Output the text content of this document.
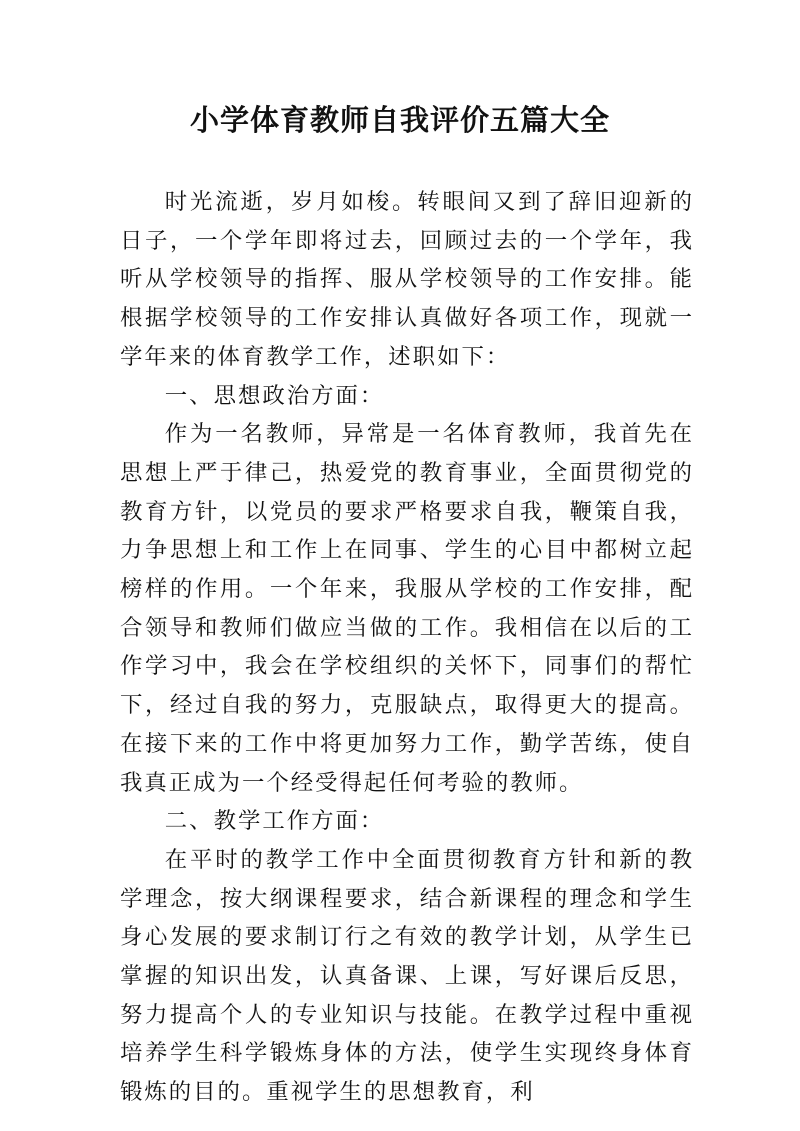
小学体育教师自我评价五篇大全

时光流逝，岁月如梭。转眼间又到了辞旧迎新的日子，一个学年即将过去，回顾过去的一个学年，我听从学校领导的指挥、服从学校领导的工作安排。能根据学校领导的工作安排认真做好各项工作，现就一学年来的体育教学工作，述职如下：

一、思想政治方面：

作为一名教师，异常是一名体育教师，我首先在思想上严于律己，热爱党的教育事业，全面贯彻党的教育方针，以党员的要求严格要求自我，鞭策自我，力争思想上和工作上在同事、学生的心目中都树立起榜样的作用。一个年来，我服从学校的工作安排，配合领导和教师们做应当做的工作。我相信在以后的工作学习中，我会在学校组织的关怀下，同事们的帮忙下，经过自我的努力，克服缺点，取得更大的提高。在接下来的工作中将更加努力工作，勤学苦练，使自我真正成为一个经受得起任何考验的教师。

二、教学工作方面：

在平时的教学工作中全面贯彻教育方针和新的教学理念，按大纲课程要求，结合新课程的理念和学生身心发展的要求制订行之有效的教学计划，从学生已掌握的知识出发，认真备课、上课，写好课后反思，努力提高个人的专业知识与技能。在教学过程中重视培养学生科学锻炼身体的方法，使学生实现终身体育锻炼的目的。重视学生的思想教育，利
